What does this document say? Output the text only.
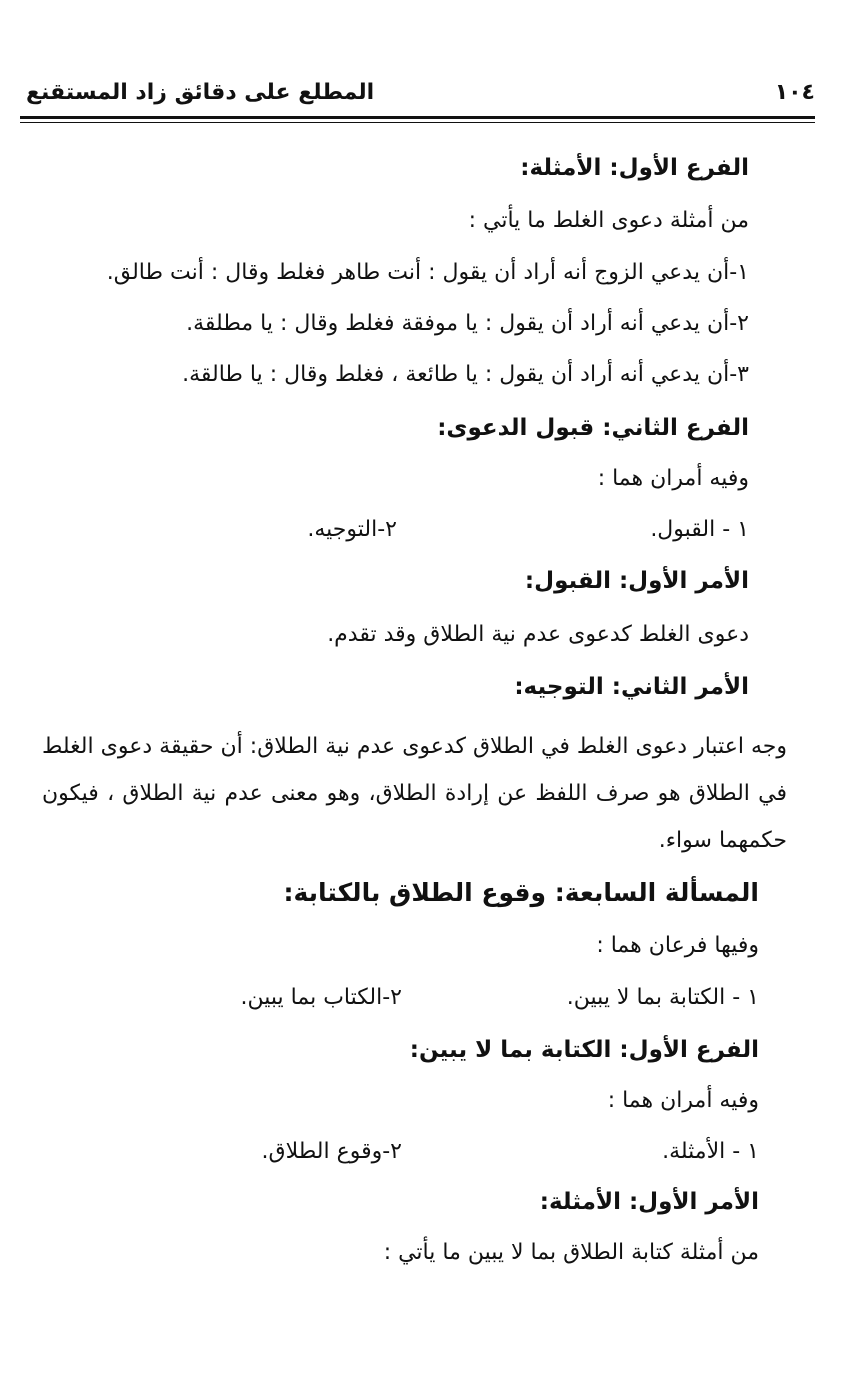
١٠٤
المطلع على دقائق زاد المستقنع
الفرع الأول: الأمثلة:
من أمثلة دعوى الغلط ما يأتي :
١-أن يدعي الزوج أنه أراد أن يقول : أنت طاهر فغلط وقال : أنت طالق.
٢-أن يدعي أنه أراد أن يقول : يا موفقة فغلط وقال : يا مطلقة.
٣-أن يدعي أنه أراد أن يقول : يا طائعة ، فغلط وقال : يا طالقة.
الفرع الثاني: قبول الدعوى:
وفيه أمران هما :
١ - القبول.
٢-التوجيه.
الأمر الأول: القبول:
دعوى الغلط كدعوى عدم نية الطلاق وقد تقدم.
الأمر الثاني: التوجيه:
وجه اعتبار دعوى الغلط في الطلاق كدعوى عدم نية الطلاق: أن حقيقة دعوى الغلط في الطلاق هو صرف اللفظ عن إرادة الطلاق، وهو معنى عدم نية الطلاق ، فيكون حكمهما سواء.
المسألة السابعة: وقوع الطلاق بالكتابة:
وفيها فرعان هما :
١ - الكتابة بما لا يبين.
٢-الكتاب بما يبين.
الفرع الأول: الكتابة بما لا يبين:
وفيه أمران هما :
١ - الأمثلة.
٢-وقوع الطلاق.
الأمر الأول: الأمثلة:
من أمثلة كتابة الطلاق بما لا يبين ما يأتي :
